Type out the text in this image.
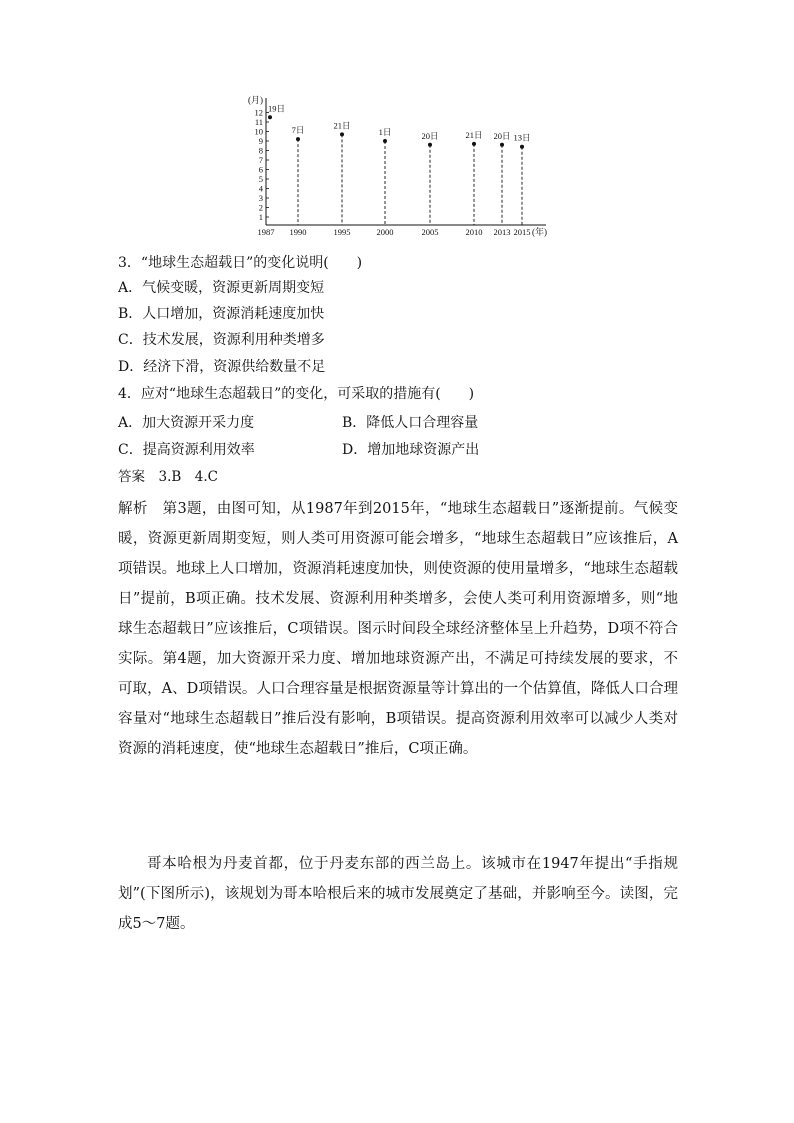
(月)
(年)
1
2
3
4
5
6
7
8
9
10
11
12
1987 1990	1995	2000	2005	2010 2013 2015
19日
7日	21日
1日	20日	21日 20日 13日
3．“地球生态超载日”的变化说明(　　)
A．气候变暖，资源更新周期变短
B．人口增加，资源消耗速度加快
C．技术发展，资源利用种类增多
D．经济下滑，资源供给数量不足
4．应对“地球生态超载日”的变化，可采取的措施有(　　)
A．加大资源开采力度	B．降低人口合理容量
C．提高资源利用效率	D．增加地球资源产出
答案　3.B　4.C

解析　第3题，由图可知，从1987年到2015年，“地球生态超载日”逐渐提前。气候变暖，资源更新周期变短，则人类可用资源可能会增多，“地球生态超载日”应该推后，A项错误。地球上人口增加，资源消耗速度加快，则使资源的使用量增多，“地球生态超载日”提前，B项正确。技术发展、资源利用种类增多，会使人类可利用资源增多，则“地球生态超载日”应该推后，C项错误。图示时间段全球经济整体呈上升趋势，D项不符合实际。第4题，加大资源开采力度、增加地球资源产出，不满足可持续发展的要求，不可取，A、D项错误。人口合理容量是根据资源量等计算出的一个估算值，降低人口合理容量对“地球生态超载日”推后没有影响，B项错误。提高资源利用效率可以减少人类对资源的消耗速度，使“地球生态超载日”推后，C项正确。

哥本哈根为丹麦首都，位于丹麦东部的西兰岛上。该城市在1947年提出“手指规划”(下图所示)，该规划为哥本哈根后来的城市发展奠定了基础，并影响至今。读图，完成5～7题。
